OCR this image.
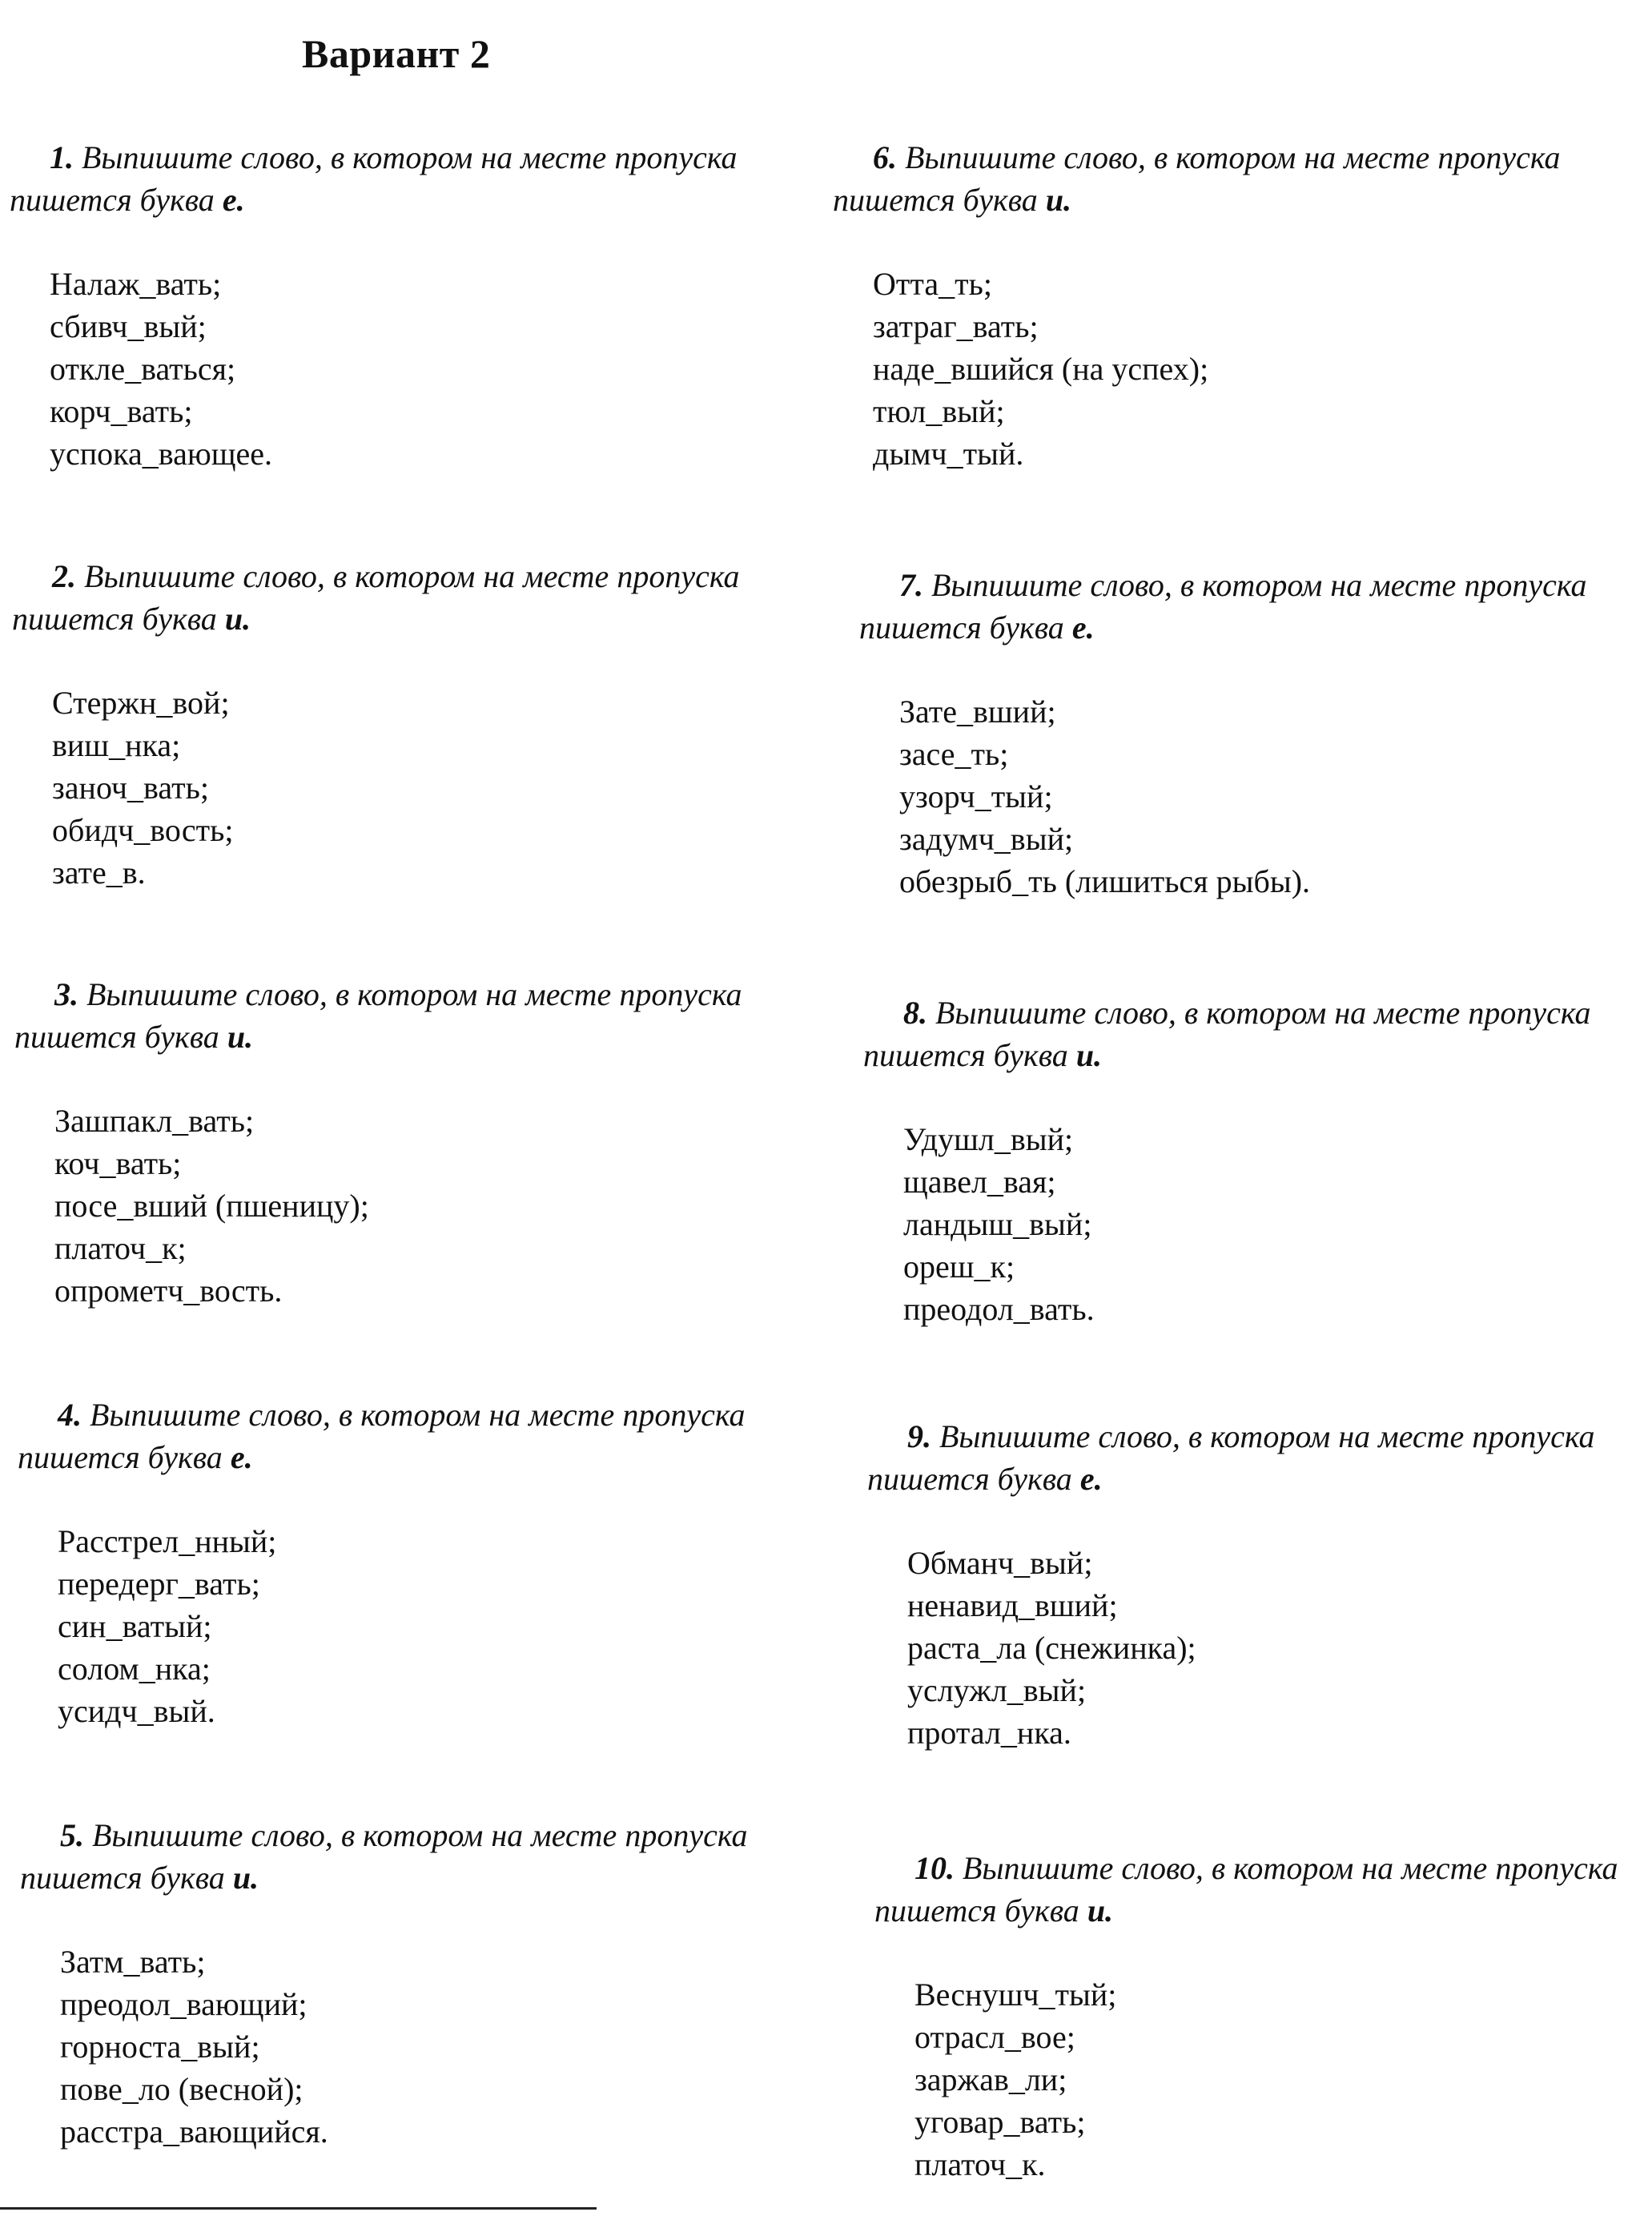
Вариант 2

1. Выпишите слово, в котором на месте пропуска пишется буква е.

Налаж_вать;
сбивч_вый;
откле_ваться;
корч_вать;
успока_вающее.

2. Выпишите слово, в котором на месте пропуска пишется буква и.

Стержн_вой;
виш_нка;
заноч_вать;
обидч_вость;
зате_в.

3. Выпишите слово, в котором на месте пропуска пишется буква и.

Зашпакл_вать;
коч_вать;
посе_вший (пшеницу);
платоч_к;
опрометч_вость.

4. Выпишите слово, в котором на месте пропуска пишется буква е.

Расстрел_нный;
передерг_вать;
син_ватый;
солом_нка;
усидч_вый.

5. Выпишите слово, в котором на месте пропуска пишется буква и.

Затм_вать;
преодол_вающий;
горноста_вый;
пове_ло (весной);
расстра_вающийся.

6. Выпишите слово, в котором на месте пропуска пишется буква и.

Отта_ть;
затраг_вать;
наде_вшийся (на успех);
тюл_вый;
дымч_тый.

7. Выпишите слово, в котором на месте пропуска пишется буква е.

Зате_вший;
засе_ть;
узорч_тый;
задумч_вый;
обезрыб_ть (лишиться рыбы).

8. Выпишите слово, в котором на месте пропуска пишется буква и.

Удушл_вый;
щавел_вая;
ландыш_вый;
ореш_к;
преодол_вать.

9. Выпишите слово, в котором на месте пропуска пишется буква е.

Обманч_вый;
ненавид_вший;
раста_ла (снежинка);
услужл_вый;
протал_нка.

10. Выпишите слово, в котором на месте пропуска пишется буква и.

Веснушч_тый;
отрасл_вое;
заржав_ли;
уговар_вать;
платоч_к.
